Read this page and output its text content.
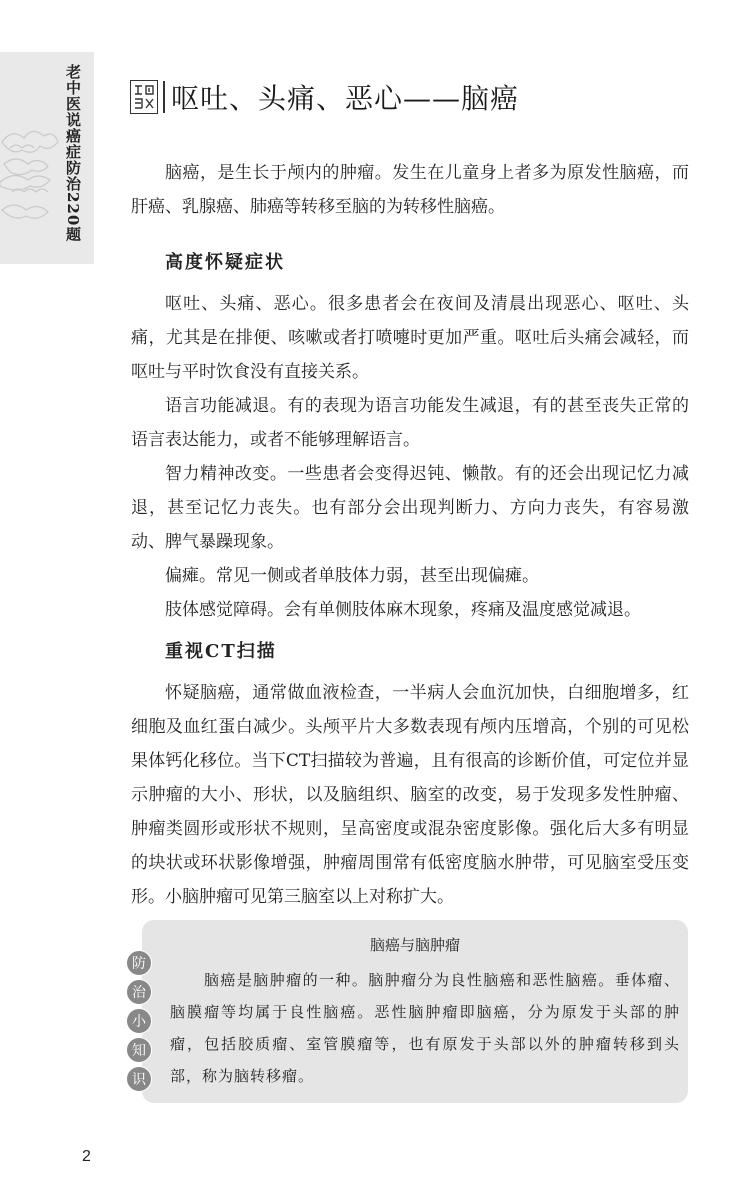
老中医说癌症防治220题	呕吐、头痛、恶心——脑癌

脑癌，是生长于颅内的肿瘤。发生在儿童身上者多为原发性脑癌，而肝癌、乳腺癌、肺癌等转移至脑的为转移性脑癌。

高度怀疑症状

呕吐、头痛、恶心。很多患者会在夜间及清晨出现恶心、呕吐、头痛，尤其是在排便、咳嗽或者打喷嚏时更加严重。呕吐后头痛会减轻，而呕吐与平时饮食没有直接关系。

语言功能减退。有的表现为语言功能发生减退，有的甚至丧失正常的语言表达能力，或者不能够理解语言。

智力精神改变。一些患者会变得迟钝、懒散。有的还会出现记忆力减退，甚至记忆力丧失。也有部分会出现判断力、方向力丧失，有容易激动、脾气暴躁现象。

偏瘫。常见一侧或者单肢体力弱，甚至出现偏瘫。

肢体感觉障碍。会有单侧肢体麻木现象，疼痛及温度感觉减退。

重视CT扫描

怀疑脑癌，通常做血液检查，一半病人会血沉加快，白细胞增多，红细胞及血红蛋白减少。头颅平片大多数表现有颅内压增高，个别的可见松果体钙化移位。当下CT扫描较为普遍，且有很高的诊断价值，可定位并显示肿瘤的大小、形状，以及脑组织、脑室的改变，易于发现多发性肿瘤、肿瘤类圆形或形状不规则，呈高密度或混杂密度影像。强化后大多有明显的块状或环状影像增强，肿瘤周围常有低密度脑水肿带，可见脑室受压变形。小脑肿瘤可见第三脑室以上对称扩大。

脑癌与脑肿瘤

脑癌是脑肿瘤的一种。脑肿瘤分为良性脑癌和恶性脑癌。垂体瘤、脑膜瘤等均属于良性脑癌。恶性脑肿瘤即脑癌，分为原发于头部的肿瘤，包括胶质瘤、室管膜瘤等，也有原发于头部以外的肿瘤转移到头部，称为脑转移瘤。

防
治
小
知
识
2
